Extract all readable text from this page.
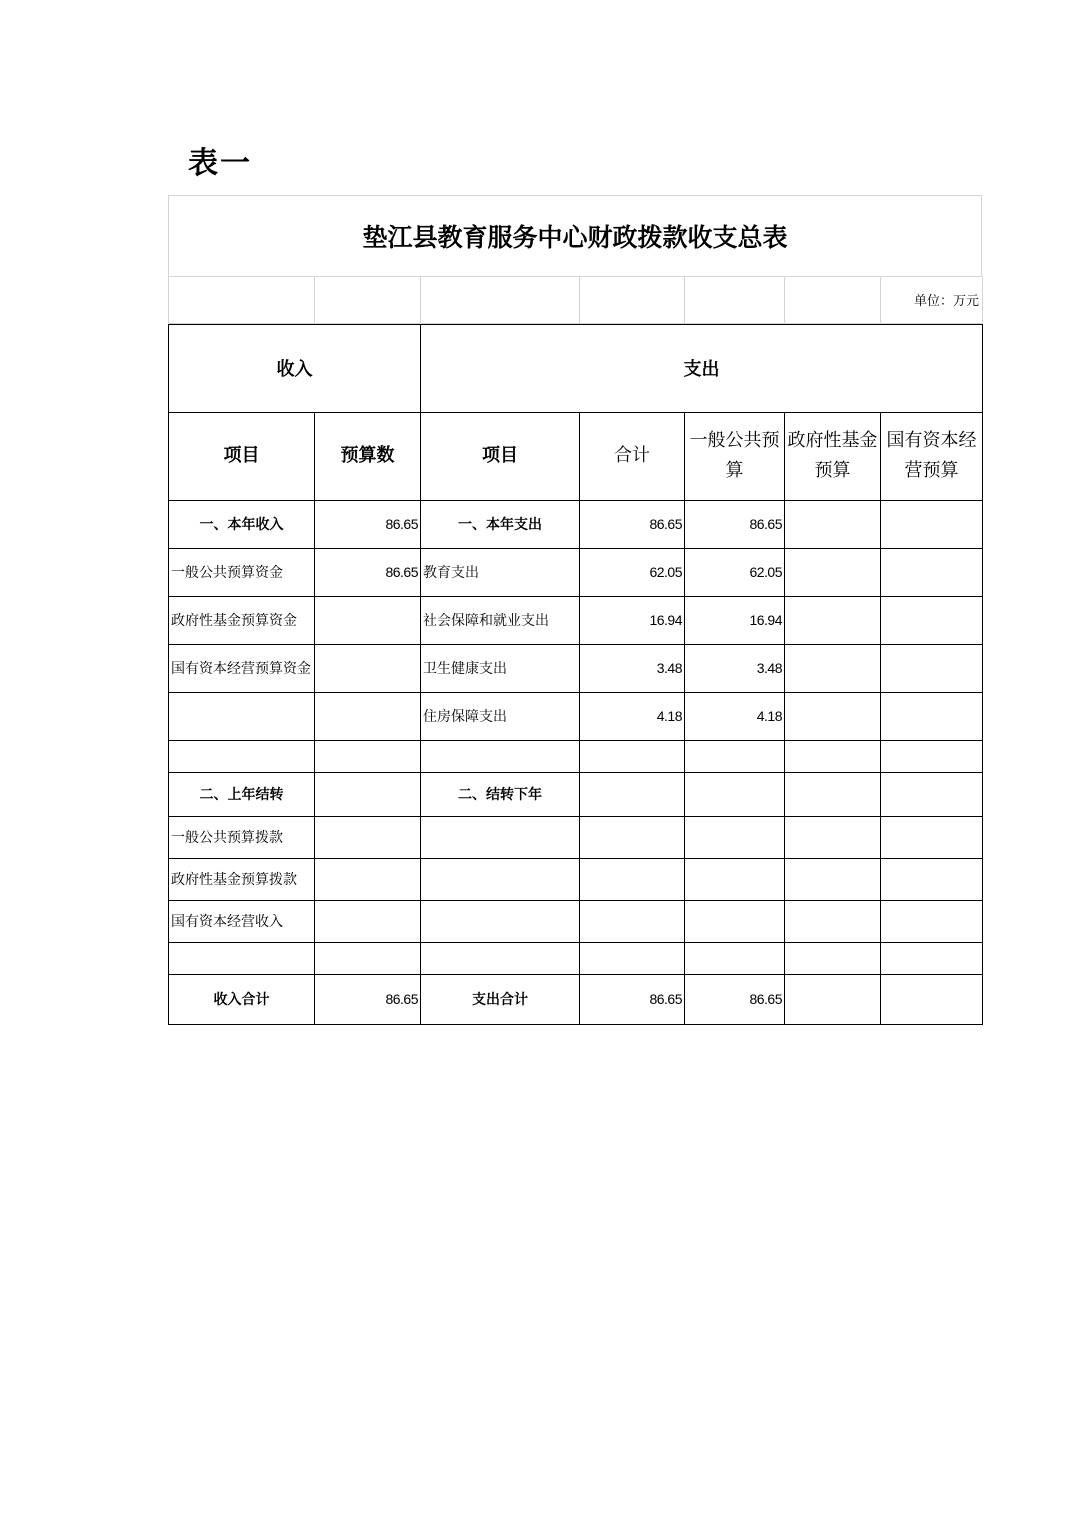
表一
垫江县教育服务中心财政拨款收支总表
						单位：万元
收入		支出				
项目	预算数	项目	合计	一般公共预算	政府性基金预算	国有资本经营预算
一、本年收入	86.65	一、本年支出	86.65	86.65		
一般公共预算资金	86.65	教育支出	62.05	62.05		
政府性基金预算资金		社会保障和就业支出	16.94	16.94		
国有资本经营预算资金		卫生健康支出	3.48	3.48		
		住房保障支出	4.18	4.18		

二、上年结转		二、结转下年				
一般公共预算拨款						
政府性基金预算拨款						
国有资本经营收入						

收入合计	86.65	支出合计	86.65	86.65		
